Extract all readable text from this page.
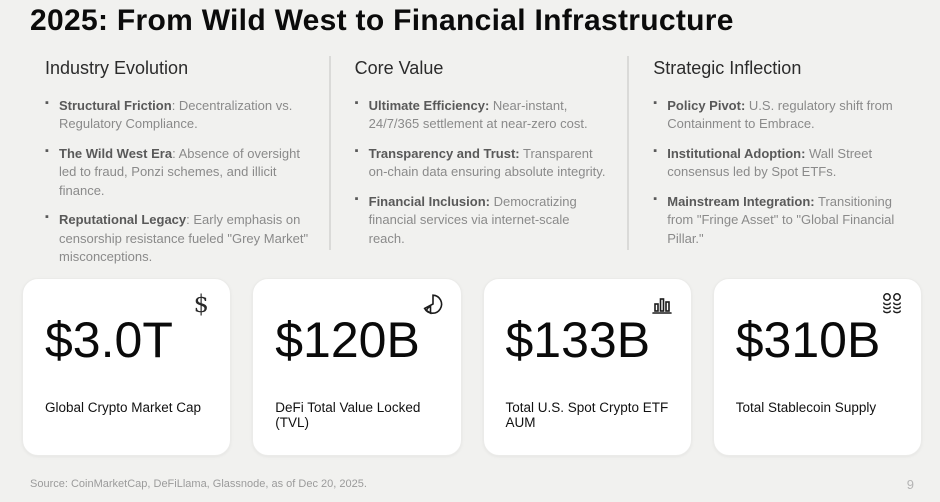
2025: From Wild West to Financial Infrastructure
Industry Evolution
▪ Structural Friction: Decentralization vs. Regulatory Compliance.
▪ The Wild West Era: Absence of oversight led to fraud, Ponzi schemes, and illicit finance.
▪ Reputational Legacy: Early emphasis on censorship resistance fueled "Grey Market" misconceptions.
Core Value
▪ Ultimate Efficiency: Near-instant, 24/7/365 settlement at near-zero cost.
▪ Transparency and Trust: Transparent on-chain data ensuring absolute integrity.
▪ Financial Inclusion: Democratizing financial services via internet-scale reach.
Strategic Inflection
▪ Policy Pivot: U.S. regulatory shift from Containment to Embrace.
▪ Institutional Adoption: Wall Street consensus led by Spot ETFs.
▪ Mainstream Integration: Transitioning from "Fringe Asset" to "Global Financial Pillar."
$
$3.0T
Global Crypto Market Cap
$120B
DeFi Total Value Locked (TVL)
$133B
Total U.S. Spot Crypto ETF AUM
$310B
Total Stablecoin Supply
Source: CoinMarketCap, DeFiLlama, Glassnode, as of Dec 20, 2025.	9
